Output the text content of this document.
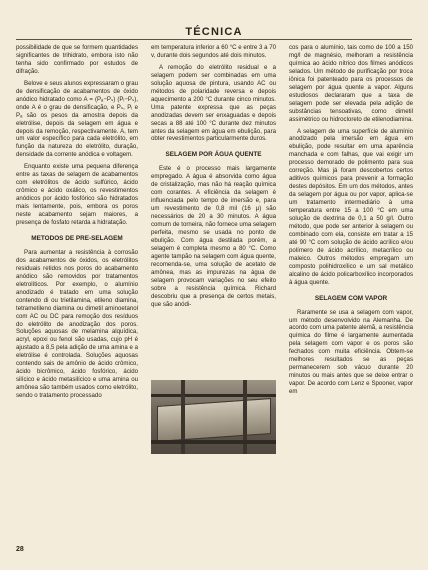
TÉCNICA

possibilidade de que se formem quantidades significantes de trihidrato, embora isto não tenha sido confirmado por estudos de difração.

Belove e seus alunos expressaram o grau de densificação de acabamentos de óxido anódico hidratado como A = (Pₐ−Pₛ) (Pᵢ−Pₛ), onde A é o grau de densificação, e Pₛ, Pᵢ e Pₐ são os pesos da amostra depois da eletrólise, depois da selagem em água e depois da remoção, respectivamente. A, tem um valor específico para cada eletrólito, em função da natureza do eletrólito, duração, densidade da corrente anódica e voltagem.

Enquanto existe uma pequena diferença entre as taxas de selagem de acabamentos com eletrólitos de ácido sulfúrico, ácido crômico e ácido oxálico, os revestimentos anódicos por ácido fosfórico são hidratados mais lentamente, pois, embora os poros neste acabamento sejam maiores, a presença de fosfato retarda a hidratação.

METODOS DE PRE-SELAGEM

Para aumentar a resistência à corrosão dos acabamentos de óxidos, os eletrólitos residuais retidos nos poros do acabamento anódico são removidos por tratamentos eletrolíticos. Por exemplo, o alumínio anodizado é tratado em uma solução contendo di ou trietilamina, etileno diamina, tetrametileno diamina ou dimetil aminoetanol com AC ou DC para remoção dos resíduos do eletrólito de anodização dos poros. Soluções aquosas de melamina alquídica, acryl, epoxi ou fenol são usadas, cujo pH é ajustado a 8,5 pela adição de uma amina e a eletrólise é controlada. Soluções aquosas contendo sais de amônio de ácido crômico, ácido bicrômico, ácido fosfórico, ácido silícico e ácido metasilícico e uma amina ou amônea são também usados como eletrólito, sendo o tratamento processado

em temperatura inferior a 60 °C e entre 3 a 70 v, durante dois segundos até dois minutos.

A remoção do eletrólito residual e a selagem podem ser combinadas em uma solução aquosa de pintura, usando AC ou métodos de polaridade reversa e depois aquecimento a 200 °C durante cinco minutos. Uma patente expressa que as peças anodizadas devem ser enxaguadas e depois secas a 88 até 100 °C durante dez minutos antes da selagem em água em ebulição, para obter revestimentos particularmente duros.

SELAGEM POR ÁGUA QUENTE

Este é o processo mais largamente empregado. A água é absorvida como água de cristalização, mas não há reação química com corantes. A eficiência da selagem é influenciada pelo tempo de imersão e, para um revestimento de 0,8 mil (16 µ) são necessários de 20 a 30 minutos. A água comum de torneira, não fornece uma selagem perfeita, mesmo se usada no ponto de ebulição. Com água destilada porém, a selagem é completa mesmo a 80 °C. Como agente tampão na selagem com água quente, recomenda-se, uma solução de acetato de amônea, mas as impurezas na água de selagem provocam variações no seu efeito sobre a resistência química. Richard descobriu que a presença de certos metais, que são anódi-

cos para o alumínio, tais como de 100 a 150 mg/l de magnésio, melhoram a resistência química ao ácido nítrico dos filmes anódicos selados. Um método de purificação por troca iônica foi patenteado para os processos de selagem por água quente a vapor. Alguns estudiosos declararam que a taxa de selagem pode ser elevada pela adição de substâncias tensoativas, como dimetil assimétrico ou hidrocloreto de etilenodiamina.

A selagem de uma superfície de alumínio anodizado pela imersão em água em ebulição, pode resultar em uma aparência manchada e com falhas, que vai exigir um processo demorado de polimento para sua correção. Mas já foram descobertos certos aditivos químicos para prevenir a formação destes depósitos. Em um dos métodos, antes da selagem por água ou por vapor, aplica-se um tratamento intermediário à uma temperatura entre 15 a 100 °C em uma solução de dextrina de 0,1 a 50 g/l. Outro método, que pode ser anterior à selagem ou combinado com ela, consiste em tratar a 15 até 90 °C com solução de ácido acrílico e/ou polímero de ácido acrílico, metacrílico ou maleico. Outros métodos empregam um composto polihidroxílico e um sal metálico alcalino de ácido policarboxílico incorporados à água quente.

SELAGEM COM VAPOR

Raramente se usa a selagem com vapor, um método desenvolvido na Alemanha. De acordo com uma patente alemã, a resistência química do filme é largamente aumentada pela selagem com vapor e os poros são fechados com muita eficiência. Obtem-se melhores resultados se as peças permanecerem sob vácuo durante 20 minutos ou mais antes que se deixe entrar o vapor. De acordo com Lenz e Spooner, vapor em

28
